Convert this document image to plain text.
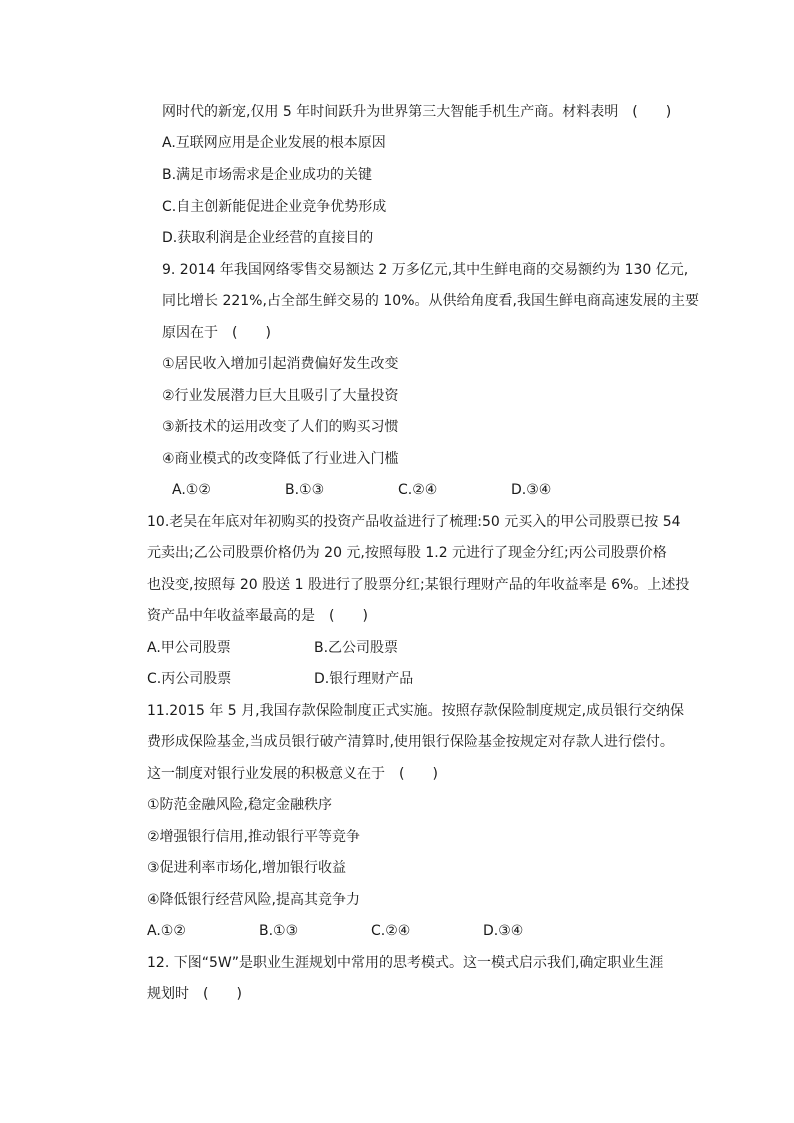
网时代的新宠,仅用 5 年时间跃升为世界第三大智能手机生产商。材料表明　(　　)
A.互联网应用是企业发展的根本原因
B.满足市场需求是企业成功的关键
C.自主创新能促进企业竞争优势形成
D.获取利润是企业经营的直接目的
9. 2014 年我国网络零售交易额达 2 万多亿元,其中生鲜电商的交易额约为 130 亿元,
同比增长 221%,占全部生鲜交易的 10%。从供给角度看,我国生鲜电商高速发展的主要
原因在于　(　　)
①居民收入增加引起消费偏好发生改变
②行业发展潜力巨大且吸引了大量投资
③新技术的运用改变了人们的购买习惯
④商业模式的改变降低了行业进入门槛
A.①②	B.①③	C.②④	D.③④
10.老吴在年底对年初购买的投资产品收益进行了梳理:50 元买入的甲公司股票已按 54
元卖出;乙公司股票价格仍为 20 元,按照每股 1.2 元进行了现金分红;丙公司股票价格
也没变,按照每 20 股送 1 股进行了股票分红;某银行理财产品的年收益率是 6%。上述投
资产品中年收益率最高的是　(　　)
A.甲公司股票	B.乙公司股票
C.丙公司股票	D.银行理财产品
11.2015 年 5 月,我国存款保险制度正式实施。按照存款保险制度规定,成员银行交纳保
费形成保险基金,当成员银行破产清算时,使用银行保险基金按规定对存款人进行偿付。
这一制度对银行业发展的积极意义在于　(　　)
①防范金融风险,稳定金融秩序
②增强银行信用,推动银行平等竞争
③促进利率市场化,增加银行收益
④降低银行经营风险,提高其竞争力
A.①②	B.①③	C.②④	D.③④
12. 下图“5W”是职业生涯规划中常用的思考模式。这一模式启示我们,确定职业生涯
规划时　(　　)
